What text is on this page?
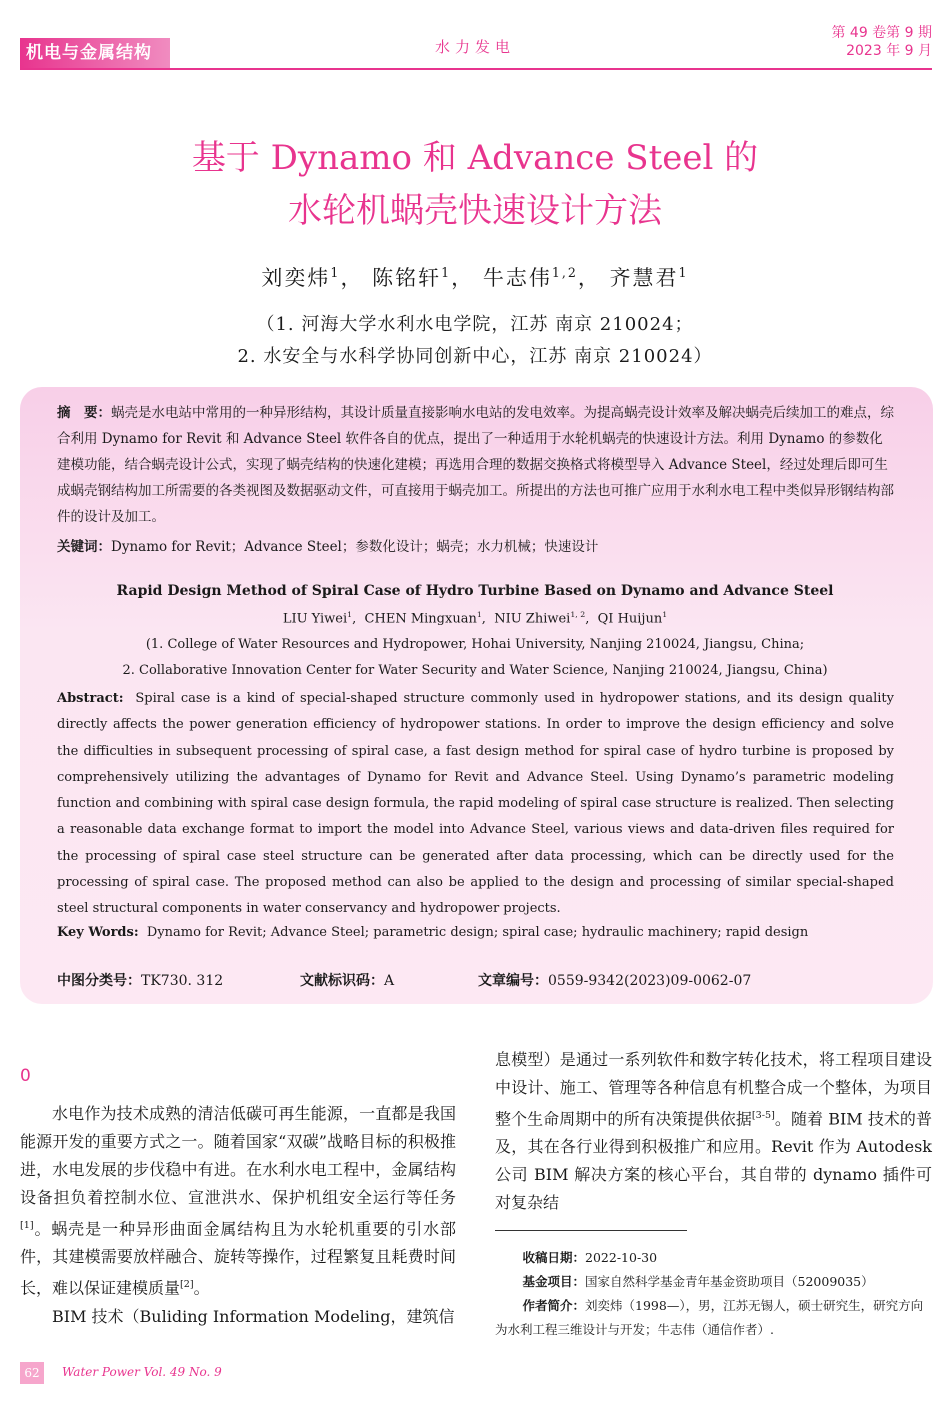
机电与金属结构	水力发电
第 49 卷第 9 期
2023 年 9 月
基于 Dynamo 和 Advance Steel 的
水轮机蜗壳快速设计方法
刘奕炜$^1$， 陈铭轩$^1$， 牛志伟$^{1,2}$， 齐慧君$^1$
（1. 河海大学水利水电学院，江苏 南京 210024；
2. 水安全与水科学协同创新中心，江苏 南京 210024）
摘　要：蜗壳是水电站中常用的一种异形结构，其设计质量直接影响水电站的发电效率。为提高蜗壳设计效率及解决蜗壳后续加工的难点，综合利用 Dynamo for Revit 和 Advance Steel 软件各自的优点，提出了一种适用于水轮机蜗壳的快速设计方法。利用 Dynamo 的参数化建模功能，结合蜗壳设计公式，实现了蜗壳结构的快速化建模；再选用合理的数据交换格式将模型导入 Advance Steel，经过处理后即可生成蜗壳钢结构加工所需要的各类视图及数据驱动文件，可直接用于蜗壳加工。所提出的方法也可推广应用于水利水电工程中类似异形钢结构部件的设计及加工。
关键词：Dynamo for Revit；Advance Steel；参数化设计；蜗壳；水力机械；快速设计
Rapid Design Method of Spiral Case of Hydro Turbine Based on Dynamo and Advance Steel
LIU Yiwei$^1$,  CHEN Mingxuan$^1$,  NIU Zhiwei$^{1, 2}$,  QI Huijun$^1$
(1. College of Water Resources and Hydropower, Hohai University, Nanjing 210024, Jiangsu, China;
2. Collaborative Innovation Center for Water Security and Water Science, Nanjing 210024, Jiangsu, China)
Abstract: Spiral case is a kind of special-shaped structure commonly used in hydropower stations, and its design quality directly affects the power generation efficiency of hydropower stations. In order to improve the design efficiency and solve the difficulties in subsequent processing of spiral case, a fast design method for spiral case of hydro turbine is proposed by comprehensively utilizing the advantages of Dynamo for Revit and Advance Steel. Using Dynamo’s parametric modeling function and combining with spiral case design formula, the rapid modeling of spiral case structure is realized. Then selecting a reasonable data exchange format to import the model into Advance Steel, various views and data-driven files required for the processing of spiral case steel structure can be generated after data processing, which can be directly used for the processing of spiral case. The proposed method can also be applied to the design and processing of similar special-shaped steel structural components in water conservancy and hydropower projects.
Key Words: Dynamo for Revit; Advance Steel; parametric design; spiral case; hydraulic machinery; rapid design
中图分类号：TK730. 312	文献标识码：A	文章编号：0559-9342(2023)09-0062-07
0

水电作为技术成熟的清洁低碳可再生能源，一直都是我国能源开发的重要方式之一。随着国家“双碳”战略目标的积极推进，水电发展的步伐稳中有进。在水利水电工程中，金属结构设备担负着控制水位、宣泄洪水、保护机组安全运行等任务[1]。蜗壳是一种异形曲面金属结构且为水轮机重要的引水部件，其建模需要放样融合、旋转等操作，过程繁复且耗费时间长，难以保证建模质量[2]。

BIM 技术（Buliding Information Modeling，建筑信

息模型）是通过一系列软件和数字转化技术，将工程项目建设中设计、施工、管理等各种信息有机整合成一个整体，为项目整个生命周期中的所有决策提供依据[3-5]。随着 BIM 技术的普及，其在各行业得到积极推广和应用。Revit 作为 Autodesk 公司 BIM 解决方案的核心平台，其自带的 dynamo 插件可对复杂结

收稿日期：2022-10-30
基金项目：国家自然科学基金青年基金资助项目（52009035）
作者简介：刘奕炜（1998—），男，江苏无锡人，硕士研究生，研究方向为水利工程三维设计与开发；牛志伟（通信作者）.
62	Water Power Vol. 49 No. 9
